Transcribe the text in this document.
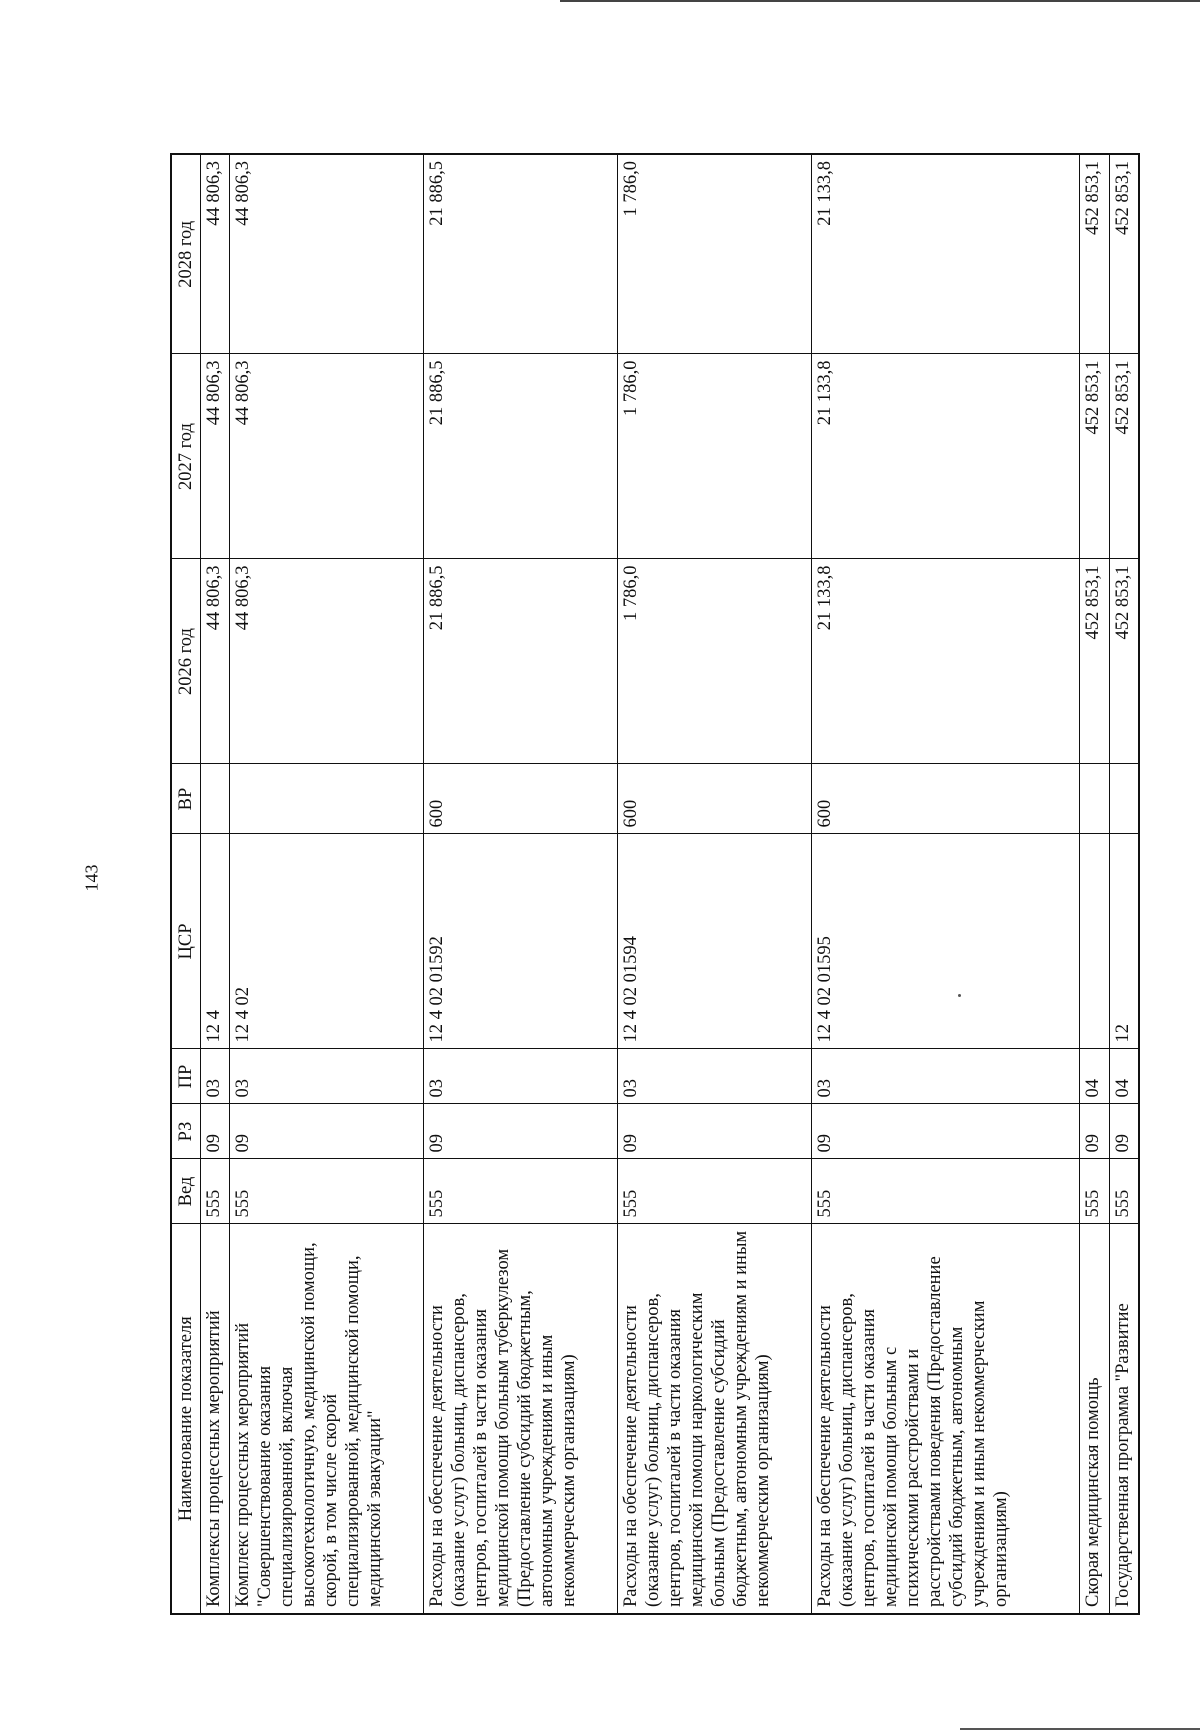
143
Наименование показателя	Вед	РЗ	ПР	ЦСР	ВР	2026 год	2027 год	2028 год
Комплексы процессных мероприятий	555	09	03	12 4		44 806,3	44 806,3	44 806,3
Комплекс процессных мероприятий "Совершенствование оказания специализированной, включая высокотехнологичную, медицинской помощи, скорой, в том числе скорой специализированной, медицинской помощи, медицинской эвакуации"	555	09	03	12 4 02		44 806,3	44 806,3	44 806,3
Расходы на обеспечение деятельности (оказание услуг) больниц, диспансеров, центров, госпиталей в части оказания медицинской помощи больным туберкулезом (Предоставление субсидий бюджетным, автономным учреждениям и иным некоммерческим организациям)	555	09	03	12 4 02 01592	600	21 886,5	21 886,5	21 886,5
Расходы на обеспечение деятельности (оказание услуг) больниц, диспансеров, центров, госпиталей в части оказания медицинской помощи наркологическим больным (Предоставление субсидий бюджетным, автономным учреждениям и иным некоммерческим организациям)	555	09	03	12 4 02 01594	600	1 786,0	1 786,0	1 786,0
Расходы на обеспечение деятельности (оказание услуг) больниц, диспансеров, центров, госпиталей в части оказания медицинской помощи больным с психическими расстройствами и расстройствами поведения (Предоставление субсидий бюджетным, автономным учреждениям и иным некоммерческим организациям)	555	09	03	12 4 02 01595	600	21 133,8	21 133,8	21 133,8
Скорая медицинская помощь	555	09	04			452 853,1	452 853,1	452 853,1
Государственная программа "Развитие	555	09	04	12		452 853,1	452 853,1	452 853,1
